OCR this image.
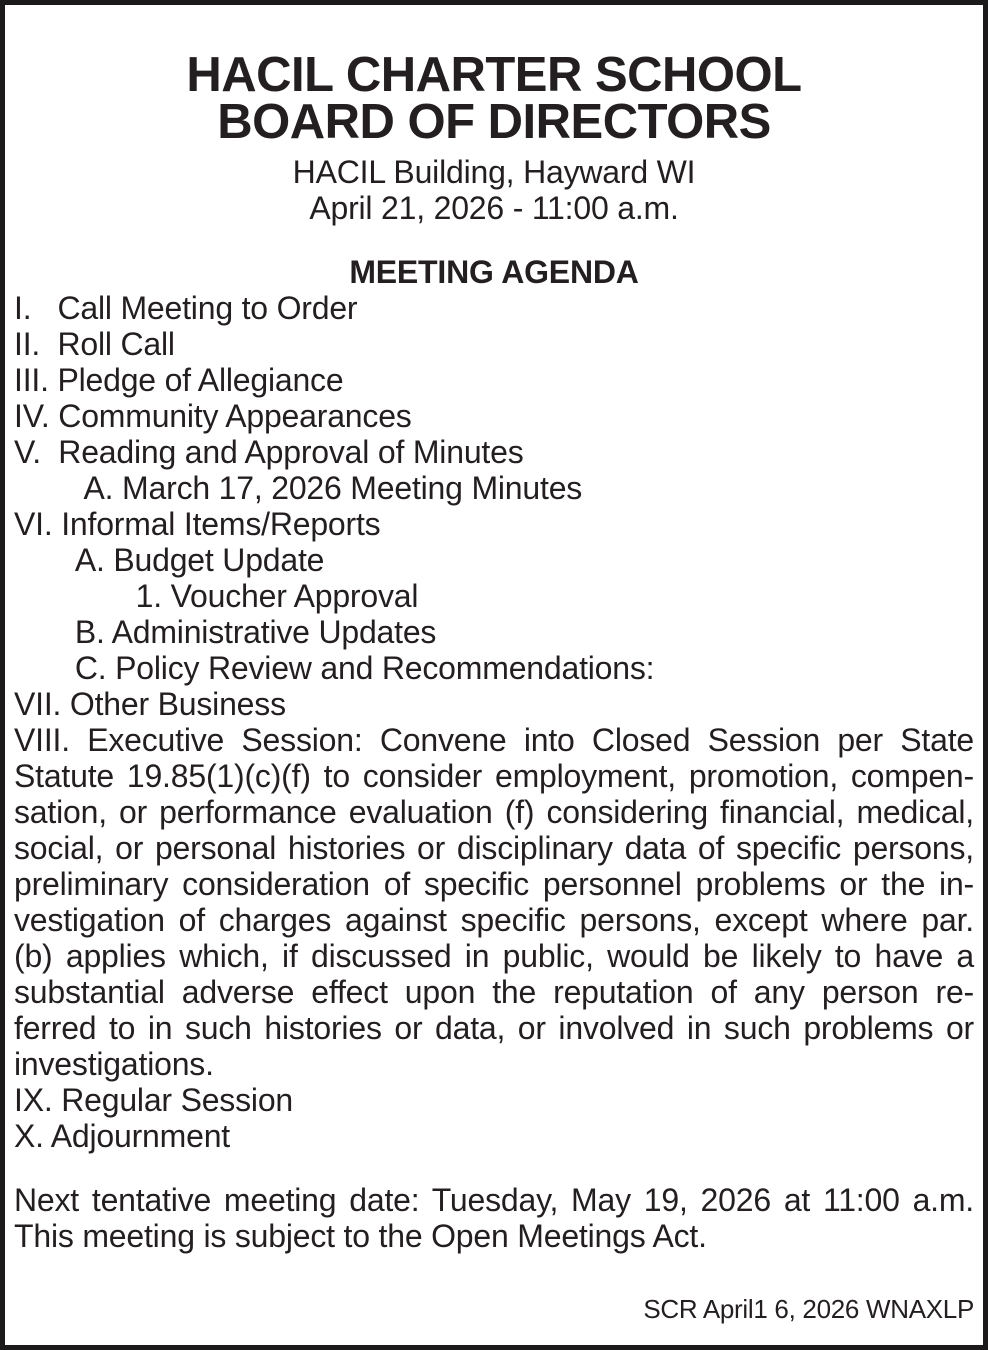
HACIL CHARTER SCHOOL
BOARD OF DIRECTORS
HACIL Building, Hayward WI
April 21, 2026 - 11:00 a.m.
MEETING AGENDA
I.   Call Meeting to Order
II.  Roll Call
III. Pledge of Allegiance
IV. Community Appearances
V.  Reading and Approval of Minutes
A. March 17, 2026 Meeting Minutes
VI. Informal Items/Reports
A. Budget Update
1. Voucher Approval
B. Administrative Updates
C. Policy Review and Recommendations:
VII. Other Business
VIII. Executive Session: Convene into Closed Session per State
Statute 19.85(1)(c)(f) to consider employment, promotion, compen-
sation, or performance evaluation (f) considering financial, medical,
social, or personal histories or disciplinary data of specific persons,
preliminary consideration of specific personnel problems or the in-
vestigation of charges against specific persons, except where par.
(b) applies which, if discussed in public, would be likely to have a
substantial adverse effect upon the reputation of any person re-
ferred to in such histories or data, or involved in such problems or
investigations.
IX. Regular Session
X. Adjournment
Next tentative meeting date: Tuesday, May 19, 2026 at 11:00 a.m.
This meeting is subject to the Open Meetings Act.
SCR April1 6, 2026 WNAXLP
